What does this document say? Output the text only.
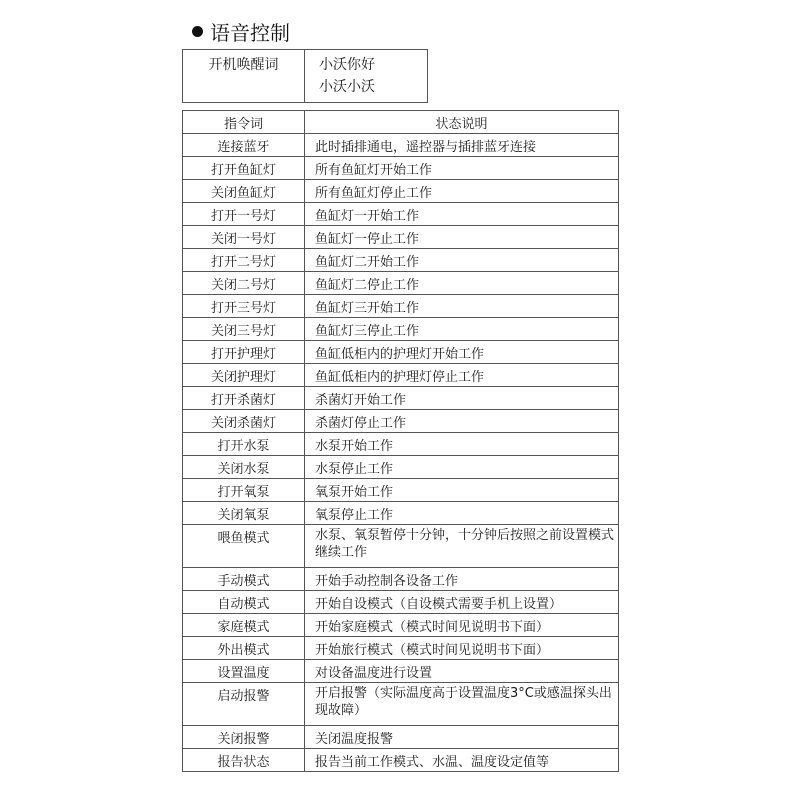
语音控制
开机唤醒词	小沃你好
小沃小沃
指令词	状态说明
连接蓝牙	此时插排通电，遥控器与插排蓝牙连接
打开鱼缸灯	所有鱼缸灯开始工作
关闭鱼缸灯	所有鱼缸灯停止工作
打开一号灯	鱼缸灯一开始工作
关闭一号灯	鱼缸灯一停止工作
打开二号灯	鱼缸灯二开始工作
关闭二号灯	鱼缸灯二停止工作
打开三号灯	鱼缸灯三开始工作
关闭三号灯	鱼缸灯三停止工作
打开护理灯	鱼缸低柜内的护理灯开始工作
关闭护理灯	鱼缸低柜内的护理灯停止工作
打开杀菌灯	杀菌灯开始工作
关闭杀菌灯	杀菌灯停止工作
打开水泵	水泵开始工作
关闭水泵	水泵停止工作
打开氧泵	氧泵开始工作
关闭氧泵	氧泵停止工作
喂鱼模式	水泵、氧泵暂停十分钟，十分钟后按照之前设置模式继续工作
手动模式	开始手动控制各设备工作
自动模式	开始自设模式（自设模式需要手机上设置）
家庭模式	开始家庭模式（模式时间见说明书下面）
外出模式	开始旅行模式（模式时间见说明书下面）
设置温度	对设备温度进行设置
启动报警	开启报警（实际温度高于设置温度3°C或感温探头出现故障）
关闭报警	关闭温度报警
报告状态	报告当前工作模式、水温、温度设定值等
